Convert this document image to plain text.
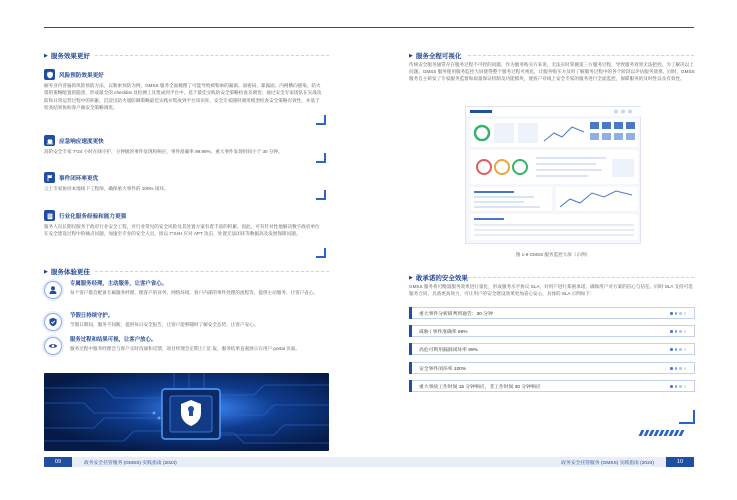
▶ 服务效果更好
风险预防效果更好
摒弃业内普遍的风险预防方法，以勒索预防为例，GMSS 服务全面梳理了可能导致被勒索的漏洞、弱密码、暴露面、内网横向感染、防火墙的策略配置的隐患，形成最全的 checklist 及检测工具集成到平台中，基于最佳实践的安全策略检查及调优；通过安全专家团队在实战攻防和日常运营过程中的积累，沉淀出防火墙防御策略最佳实践并集成到平台知识库，安全专家随时调用模型检查安全策略有效性，并基于检查结果协助客户做安全策略调优。
应急响应速度更快
高阶安全专家 7*24 小时在线守护，分钟级的事件发现和响应，事件准确率 99.99%，重大事件发现时间小于 30 分钟。
事件闭环率更优
云上专家协同本地线下工程师，确保重大事件的 100% 闭环。
行业化服务经验和能力更强
服务人员长期仅服务于政府行业安全工程，对行业常见的安全风险及其处置方案有着丰富的积累。因此，可有针对性地解决数字政府单位在安全建设过程中的痛点问题，加速至专业的安全人员，推以 7*24H 应对 APT 攻击，处置无法闭环等数据高及发展保障问题。
▶ 服务体验更佳
专属服务经理，主动服务，让客户省心。
每个客户都会配备专属服务经理，理客户的业务、网络环境、客户内部的事件处理的流程等，提供主动服务，让客户省心。
节假日持续守护。
节假日期间，服务不间断，提供每日安全报告，让客户能够随时了解安全态势，让客户安心。
服务过程和结果可视，让客户放心。
服务过程中服务经理会与客户实时沟通和反馈，项目经理会定期上门汇报，服务结果直观展示在用户 portal 页面。
政务安全托管服务 (GMSS) 实践指南 (2024)
09
▶ 服务全程可视化
传统安全服务通常存在服务过程不可控的问题，作为服务购买方来说，无法实时掌握第三方服务过程，导致服务效果无法把控。为了解决以上问题，GMSS 服务使用服务监控大屏使得整个服务过程可视化，让服务购买方及时了解服务过程中的各个阶段以评估服务效果。同时，GMSS 服务自主研发了专家服务监督和质量保证机制及功能模块，使客户对线上安全专家的服务进行全面监控，保障服务的及时性以及有效性。
图 1-9 GMSS 服务监控大屏（示例）
▶ 敢承诺的安全效果
GMSS 服务将可衡量服务效果进行量化，形成服务水平协议 SLA，对用户进行郑重承诺，确保用户对方案的信心与信任。同时 SLA 支持可选服务合同，具备更高效力，可让用户的安全建设效果更加省心安心。具体的 SLA 示例如下：
政务安全托管服务 (GMSS) 实践指南 (2024)	10
重大事件分析研判到通告：30 分钟
威胁 / 事件准确率 99%
高危可利用漏洞闭环率 99%
安全事件闭环率 100%
重大事故工作时间 15 分钟响应，非工作时间 30 分钟响应
